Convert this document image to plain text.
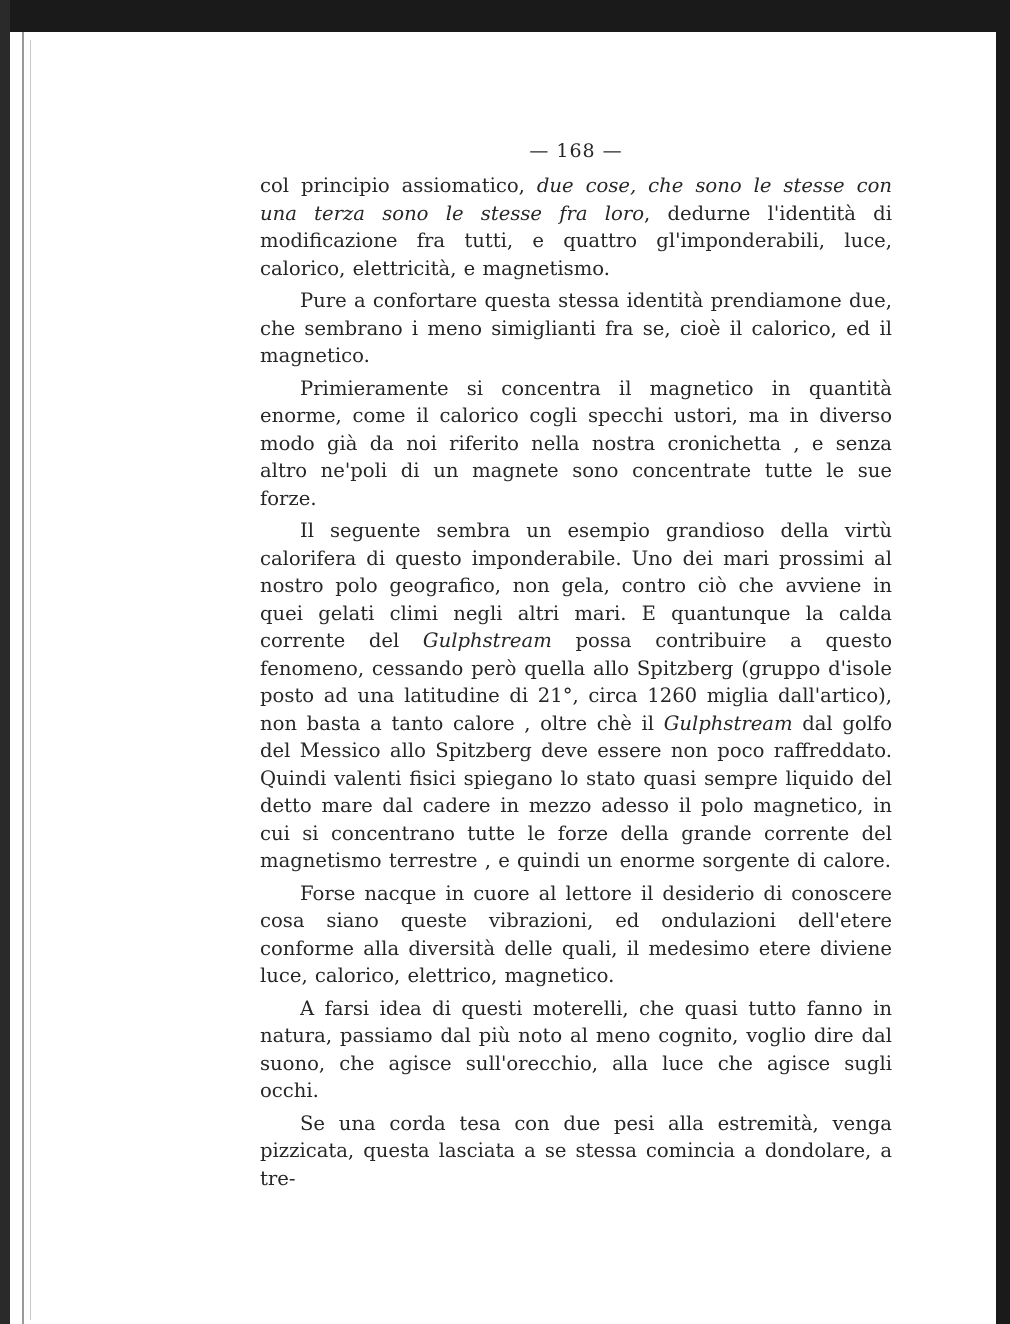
— 168 —

col principio assiomatico, due cose, che sono le stesse con una terza sono le stesse fra loro, dedurne l'identità di modificazione fra tutti, e quattro gl'imponderabili, luce, calorico, elettricità, e magnetismo.

Pure a confortare questa stessa identità prendiamone due, che sembrano i meno simiglianti fra se, cioè il calorico, ed il magnetico.

Primieramente si concentra il magnetico in quantità enorme, come il calorico cogli specchi ustori, ma in diverso modo già da noi riferito nella nostra cronichetta , e senza altro ne'poli di un magnete sono concentrate tutte le sue forze.

Il seguente sembra un esempio grandioso della virtù calorifera di questo imponderabile. Uno dei mari prossimi al nostro polo geografico, non gela, contro ciò che avviene in quei gelati climi negli altri mari. E quantunque la calda corrente del Gulphstream possa contribuire a questo fenomeno, cessando però quella allo Spitzberg (gruppo d'isole posto ad una latitudine di 21°, circa 1260 miglia dall'artico), non basta a tanto calore , oltre chè il Gulphstream dal golfo del Messico allo Spitzberg deve essere non poco raffreddato. Quindi valenti fisici spiegano lo stato quasi sempre liquido del detto mare dal cadere in mezzo adesso il polo magnetico, in cui si concentrano tutte le forze della grande corrente del magnetismo terrestre , e quindi un enorme sorgente di calore.

Forse nacque in cuore al lettore il desiderio di conoscere cosa siano queste vibrazioni, ed ondulazioni dell'etere conforme alla diversità delle quali, il medesimo etere diviene luce, calorico, elettrico, magnetico.

A farsi idea di questi moterelli, che quasi tutto fanno in natura, passiamo dal più noto al meno cognito, voglio dire dal suono, che agisce sull'orecchio, alla luce che agisce sugli occhi.

Se una corda tesa con due pesi alla estremità, venga pizzicata, questa lasciata a se stessa comincia a dondolare, a tre-
